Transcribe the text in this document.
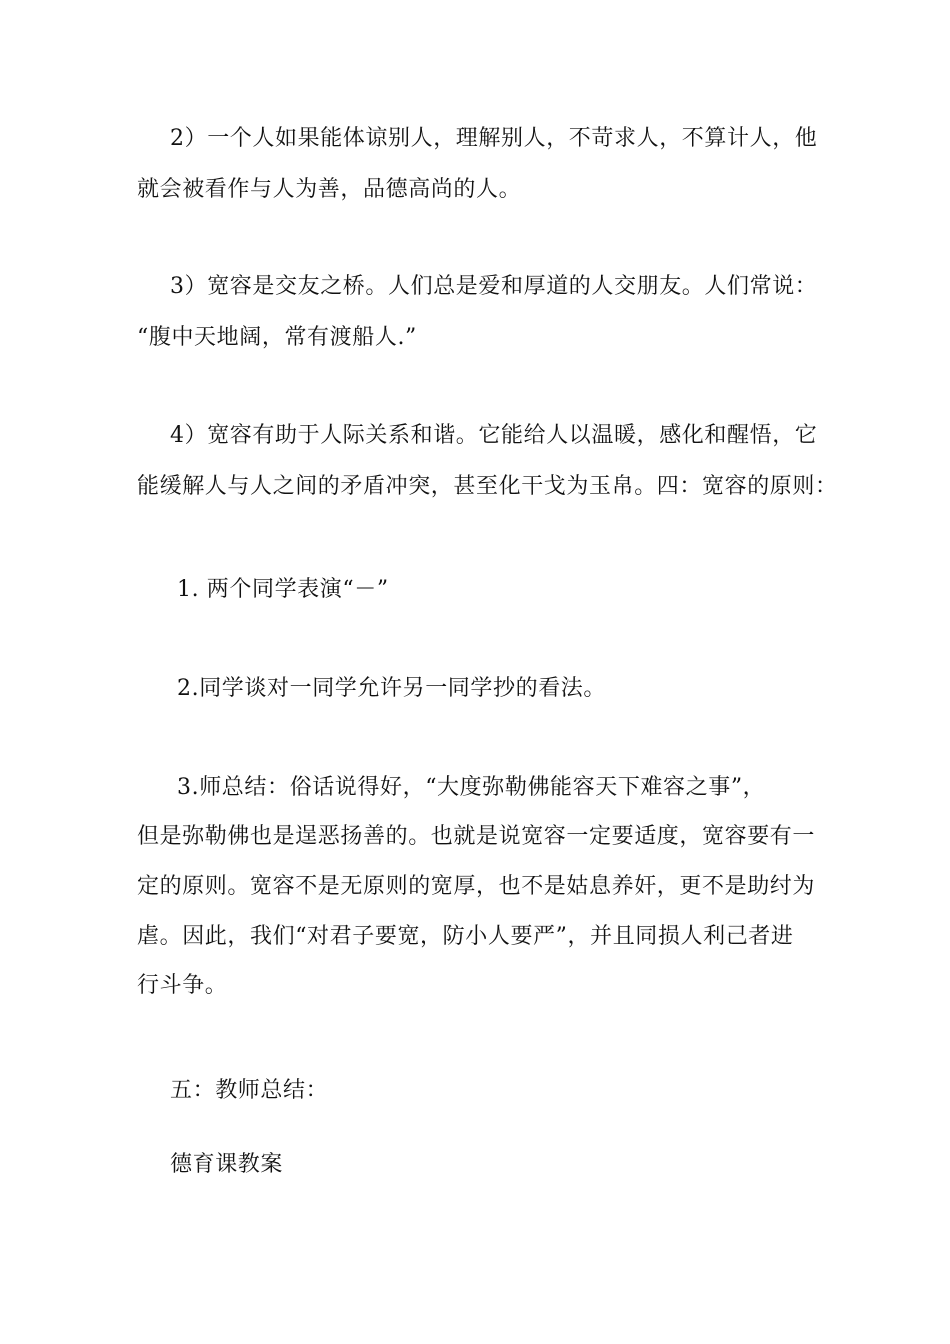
2）一个人如果能体谅别人，理解别人，不苛求人，不算计人，他
就会被看作与人为善，品德高尚的人。
3）宽容是交友之桥。人们总是爱和厚道的人交朋友。人们常说：
“腹中天地阔，常有渡船人.”
4）宽容有助于人际关系和谐。它能给人以温暖，感化和醒悟，它
能缓解人与人之间的矛盾冲突，甚至化干戈为玉帛。四：宽容的原则：
1. 两个同学表演“－”
2.同学谈对一同学允许另一同学抄的看法。
3.师总结：俗话说得好，“大度弥勒佛能容天下难容之事”，
但是弥勒佛也是逞恶扬善的。也就是说宽容一定要适度，宽容要有一
定的原则。宽容不是无原则的宽厚，也不是姑息养奸，更不是助纣为
虐。因此，我们“对君子要宽，防小人要严”，并且同损人利己者进
行斗争。
五：教师总结：
德育课教案
